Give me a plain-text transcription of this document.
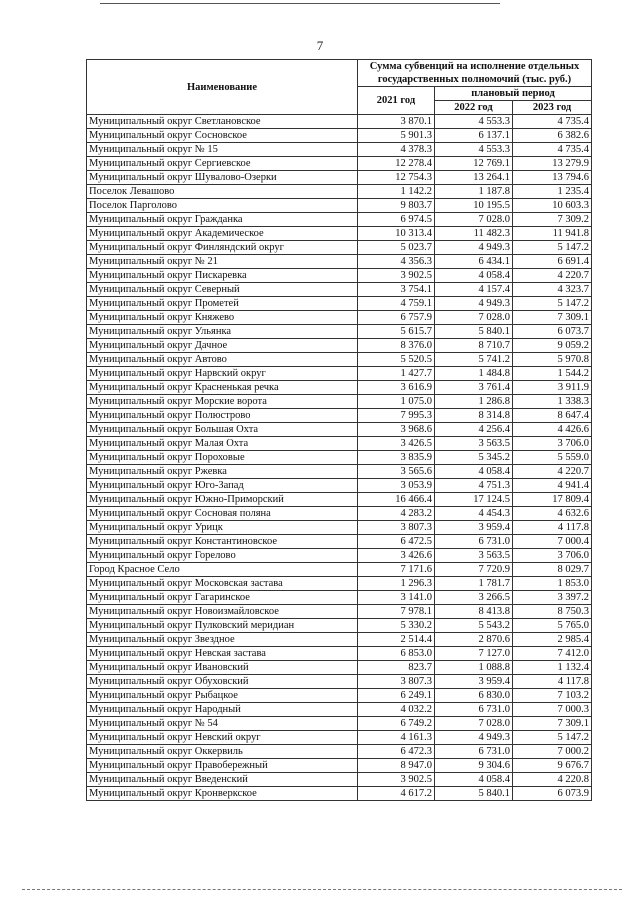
7
Наименование	Сумма субвенций на исполнение отдельных государственных полномочий (тыс. руб.)		
	2021 год	плановый период	
		2022 год	2023 год
Муниципальный округ Светлановское	3 870.1	4 553.3	4 735.4
Муниципальный округ Сосновское	5 901.3	6 137.1	6 382.6
Муниципальный округ № 15	4 378.3	4 553.3	4 735.4
Муниципальный округ Сергиевское	12 278.4	12 769.1	13 279.9
Муниципальный округ Шувалово-Озерки	12 754.3	13 264.1	13 794.6
Поселок Левашово	1 142.2	1 187.8	1 235.4
Поселок Парголово	9 803.7	10 195.5	10 603.3
Муниципальный округ Гражданка	6 974.5	7 028.0	7 309.2
Муниципальный округ Академическое	10 313.4	11 482.3	11 941.8
Муниципальный округ Финляндский округ	5 023.7	4 949.3	5 147.2
Муниципальный округ № 21	4 356.3	6 434.1	6 691.4
Муниципальный округ Пискаревка	3 902.5	4 058.4	4 220.7
Муниципальный округ Северный	3 754.1	4 157.4	4 323.7
Муниципальный округ Прометей	4 759.1	4 949.3	5 147.2
Муниципальный округ Княжево	6 757.9	7 028.0	7 309.1
Муниципальный округ Ульянка	5 615.7	5 840.1	6 073.7
Муниципальный округ Дачное	8 376.0	8 710.7	9 059.2
Муниципальный округ Автово	5 520.5	5 741.2	5 970.8
Муниципальный округ Нарвский округ	1 427.7	1 484.8	1 544.2
Муниципальный округ Красненькая речка	3 616.9	3 761.4	3 911.9
Муниципальный округ Морские ворота	1 075.0	1 286.8	1 338.3
Муниципальный округ Полюстрово	7 995.3	8 314.8	8 647.4
Муниципальный округ Большая Охта	3 968.6	4 256.4	4 426.6
Муниципальный округ Малая Охта	3 426.5	3 563.5	3 706.0
Муниципальный округ Пороховые	3 835.9	5 345.2	5 559.0
Муниципальный округ Ржевка	3 565.6	4 058.4	4 220.7
Муниципальный округ Юго-Запад	3 053.9	4 751.3	4 941.4
Муниципальный округ Южно-Приморский	16 466.4	17 124.5	17 809.4
Муниципальный округ Сосновая поляна	4 283.2	4 454.3	4 632.6
Муниципальный округ Урицк	3 807.3	3 959.4	4 117.8
Муниципальный округ Константиновское	6 472.5	6 731.0	7 000.4
Муниципальный округ Горелово	3 426.6	3 563.5	3 706.0
Город Красное Село	7 171.6	7 720.9	8 029.7
Муниципальный округ Московская застава	1 296.3	1 781.7	1 853.0
Муниципальный округ Гагаринское	3 141.0	3 266.5	3 397.2
Муниципальный округ Новоизмайловское	7 978.1	8 413.8	8 750.3
Муниципальный округ Пулковский меридиан	5 330.2	5 543.2	5 765.0
Муниципальный округ Звездное	2 514.4	2 870.6	2 985.4
Муниципальный округ Невская застава	6 853.0	7 127.0	7 412.0
Муниципальный округ Ивановский	823.7	1 088.8	1 132.4
Муниципальный округ Обуховский	3 807.3	3 959.4	4 117.8
Муниципальный округ Рыбацкое	6 249.1	6 830.0	7 103.2
Муниципальный округ Народный	4 032.2	6 731.0	7 000.3
Муниципальный округ № 54	6 749.2	7 028.0	7 309.1
Муниципальный округ Невский округ	4 161.3	4 949.3	5 147.2
Муниципальный округ Оккервиль	6 472.3	6 731.0	7 000.2
Муниципальный округ Правобережный	8 947.0	9 304.6	9 676.7
Муниципальный округ Введенский	3 902.5	4 058.4	4 220.8
Муниципальный округ Кронверкское	4 617.2	5 840.1	6 073.9
